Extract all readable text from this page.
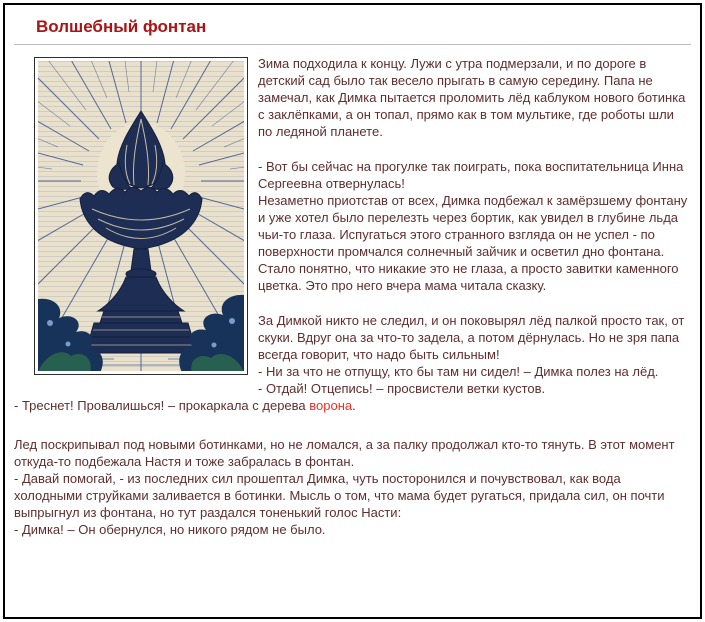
Волшебный фонтан
Зима подходила к концу. Лужи с утра подмерзали, и по дороге в детский сад было так весело прыгать в самую середину. Папа не замечал, как Димка пытается проломить лёд каблуком нового ботинка с заклёпками, а он топал, прямо как в том мультике, где роботы шли по ледяной планете.
- Вот бы сейчас на прогулке так поиграть, пока воспитательница Инна Сергеевна отвернулась!
Незаметно приотстав от всех, Димка подбежал к замёрзшему фонтану и уже хотел было перелезть через бортик, как увидел в глубине льда чьи-то глаза. Испугаться этого странного взгляда он не успел - по поверхности промчался солнечный зайчик и осветил дно фонтана. Стало понятно, что никакие это не глаза, а просто завитки каменного цветка. Это про него вчера мама читала сказку.
За Димкой никто не следил, и он поковырял лёд палкой просто так, от скуки. Вдруг она за что-то задела, а потом дёрнулась. Но не зря папа всегда говорит, что надо быть сильным!
- Ни за что не отпущу, кто бы там ни сидел! – Димка полез на лёд.
- Отдай! Отцепись! – просвистели ветки кустов.
- Треснет! Провалишься! – прокаркала с дерева ворона.
Лед поскрипывал под новыми ботинками, но не ломался, а за палку продолжал кто-то тянуть. В этот момент откуда-то подбежала Настя и тоже забралась в фонтан.
- Давай помогай, - из последних сил прошептал Димка, чуть посторонился и почувствовал, как вода холодными струйками заливается в ботинки. Мысль о том, что мама будет ругаться, придала сил, он почти выпрыгнул из фонтана, но тут раздался тоненький голос Насти:
- Димка! – Он обернулся, но никого рядом не было.
